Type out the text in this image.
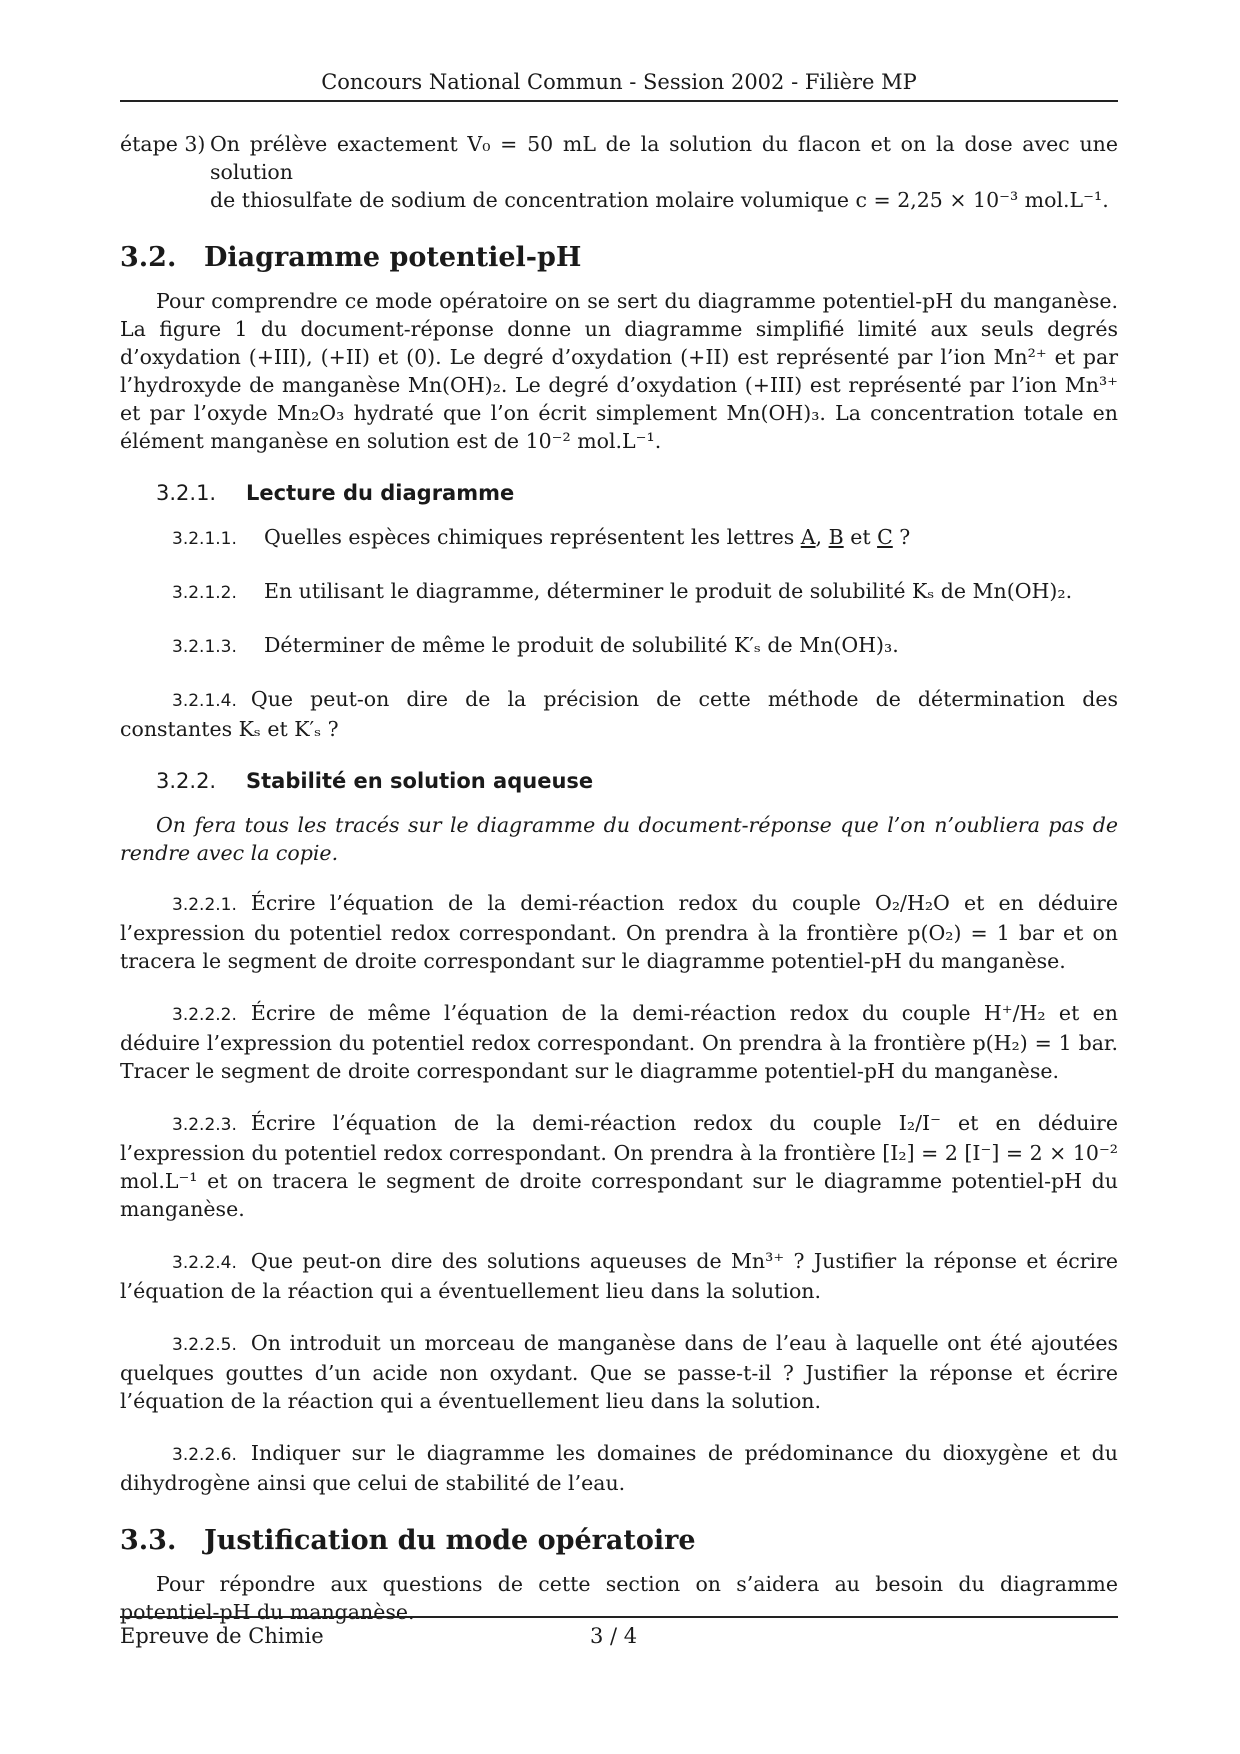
Concours National Commun - Session 2002 - Filière MP
étape 3) On prélève exactement V₀ = 50 mL de la solution du flacon et on la dose avec une solution

de thiosulfate de sodium de concentration molaire volumique c = 2,25 × 10⁻³ mol.L⁻¹.

3.2.	Diagramme potentiel-pH

Pour comprendre ce mode opératoire on se sert du diagramme potentiel-pH du manganèse. La figure 1 du document-réponse donne un diagramme simplifié limité aux seuls degrés d’oxydation (+III), (+II) et (0). Le degré d’oxydation (+II) est représenté par l’ion Mn²⁺ et par l’hydroxyde de manganèse Mn(OH)₂. Le degré d’oxydation (+III) est représenté par l’ion Mn³⁺ et par l’oxyde Mn₂O₃ hydraté que l’on écrit simplement Mn(OH)₃. La concentration totale en élément manganèse en solution est de 10⁻² mol.L⁻¹.

3.2.1.	Lecture du diagramme

3.2.1.1. Quelles espèces chimiques représentent les lettres A, B et C ?

3.2.1.2. En utilisant le diagramme, déterminer le produit de solubilité Kₛ de Mn(OH)₂.

3.2.1.3. Déterminer de même le produit de solubilité K′ₛ de Mn(OH)₃.

3.2.1.4. Que peut-on dire de la précision de cette méthode de détermination des constantes Kₛ et K′ₛ ?

3.2.2.	Stabilité en solution aqueuse

On fera tous les tracés sur le diagramme du document-réponse que l’on n’oubliera pas de rendre avec la copie.

3.2.2.1. Écrire l’équation de la demi-réaction redox du couple O₂/H₂O et en déduire l’expression du potentiel redox correspondant. On prendra à la frontière p(O₂) = 1 bar et on tracera le segment de droite correspondant sur le diagramme potentiel-pH du manganèse.

3.2.2.2. Écrire de même l’équation de la demi-réaction redox du couple H⁺/H₂ et en déduire l’expression du potentiel redox correspondant. On prendra à la frontière p(H₂) = 1 bar. Tracer le segment de droite correspondant sur le diagramme potentiel-pH du manganèse.

3.2.2.3. Écrire l’équation de la demi-réaction redox du couple I₂/I⁻ et en déduire l’expression du potentiel redox correspondant. On prendra à la frontière [I₂] = 2 [I⁻] = 2 × 10⁻² mol.L⁻¹ et on tracera le segment de droite correspondant sur le diagramme potentiel-pH du manganèse.

3.2.2.4. Que peut-on dire des solutions aqueuses de Mn³⁺ ? Justifier la réponse et écrire l’équation de la réaction qui a éventuellement lieu dans la solution.

3.2.2.5. On introduit un morceau de manganèse dans de l’eau à laquelle ont été ajoutées quelques gouttes d’un acide non oxydant. Que se passe-t-il ? Justifier la réponse et écrire l’équation de la réaction qui a éventuellement lieu dans la solution.

3.2.2.6. Indiquer sur le diagramme les domaines de prédominance du dioxygène et du dihydrogène ainsi que celui de stabilité de l’eau.

3.3.	Justification du mode opératoire

Pour répondre aux questions de cette section on s’aidera au besoin du diagramme potentiel-pH du manganèse.

Epreuve de Chimie	3 / 4
